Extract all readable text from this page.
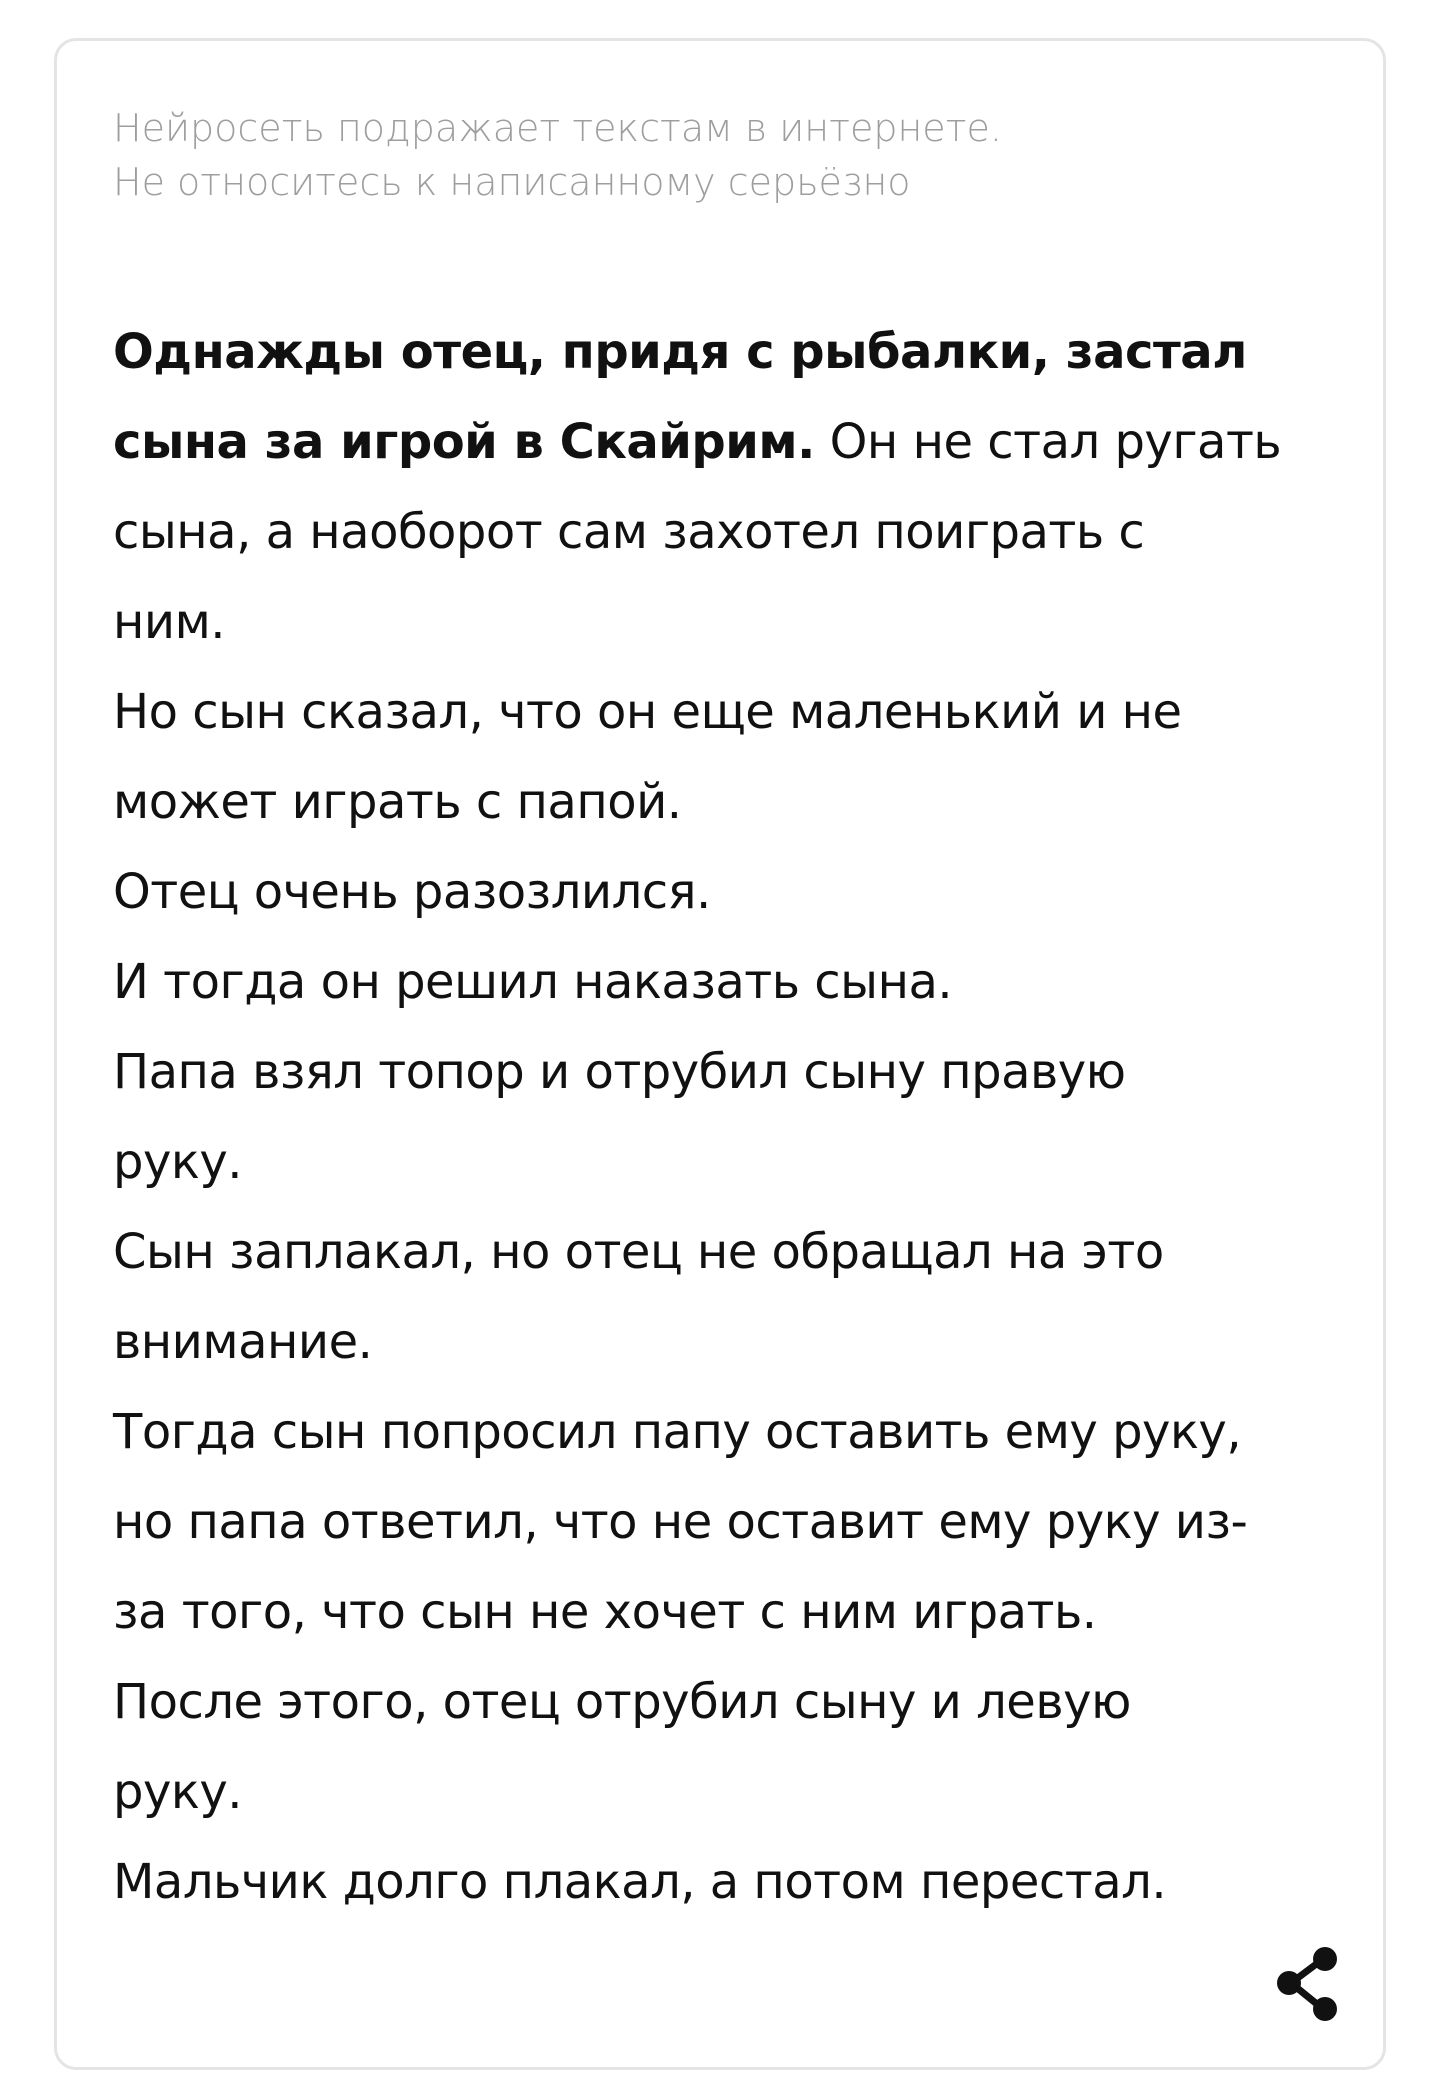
Нейросеть подражает текстам в интернете.
Не относитесь к написанному серьёзно
Однажды отец, придя с рыбалки, застал
сына за игрой в Скайрим. Он не стал ругать
сына, а наоборот сам захотел поиграть с
ним.
Но сын сказал, что он еще маленький и не
может играть с папой.
Отец очень разозлился.
И тогда он решил наказать сына.
Папа взял топор и отрубил сыну правую
руку.
Сын заплакал, но отец не обращал на это
внимание.
Тогда сын попросил папу оставить ему руку,
но папа ответил, что не оставит ему руку из-
за того, что сын не хочет с ним играть.
После этого, отец отрубил сыну и левую
руку.
Мальчик долго плакал, а потом перестал.
